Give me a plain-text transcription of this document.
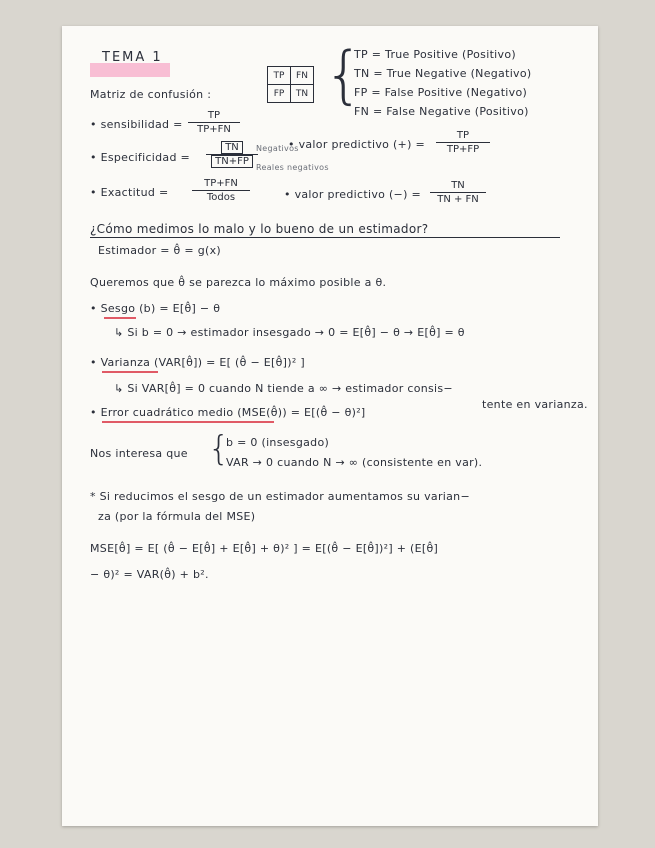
TEMA 1
Matriz de confusión :
TP	FN
FP	TN {
TP = True Positive (Positivo)
TN = True Negative (Negativo)
FP = False Positive (Negativo)
FN = False Negative (Positivo)
• sensibilidad = $\frac{TP}{TP+FN}$
• valor predictivo (+) = $\frac{TP}{TP+FP}$
• Especificidad = $\frac{TN}{TN+FP}$
Negativos
Reales negativos
• Exactitud =
TP+FN
Todos	• valor predictivo (−) = $\frac{TN}{TN + FN}$
¿Cómo medimos lo malo y lo bueno de un estimador?
Estimador = θ̂ = g(x)
Queremos que θ̂ se parezca lo máximo posible a θ.
• Sesgo (b) = E[θ̂] − θ
↳ Si b = 0 → estimador insesgado → 0 = E[θ̂] − θ → E[θ̂] = θ
• Varianza (VAR[θ̂]) = E[ (θ̂ − E[θ̂])² ]
↳ Si VAR[θ̂] = 0 cuando N tiende a ∞ → estimador consis−
tente en varianza.
• Error cuadrático medio (MSE(θ̂)) = E[(θ̂ − θ)²]
Nos interesa que {
b = 0 (insesgado)
VAR → 0 cuando N → ∞ (consistente en var).
* Si reducimos el sesgo de un estimador aumentamos su varian−
za (por la fórmula del MSE)
MSE[θ̂] = E[ (θ̂ − E[θ̂] + E[θ̂] + θ)² ] = E[(θ̂ − E[θ̂])²] + (E[θ̂]
− θ)² = VAR(θ̂) + b².
